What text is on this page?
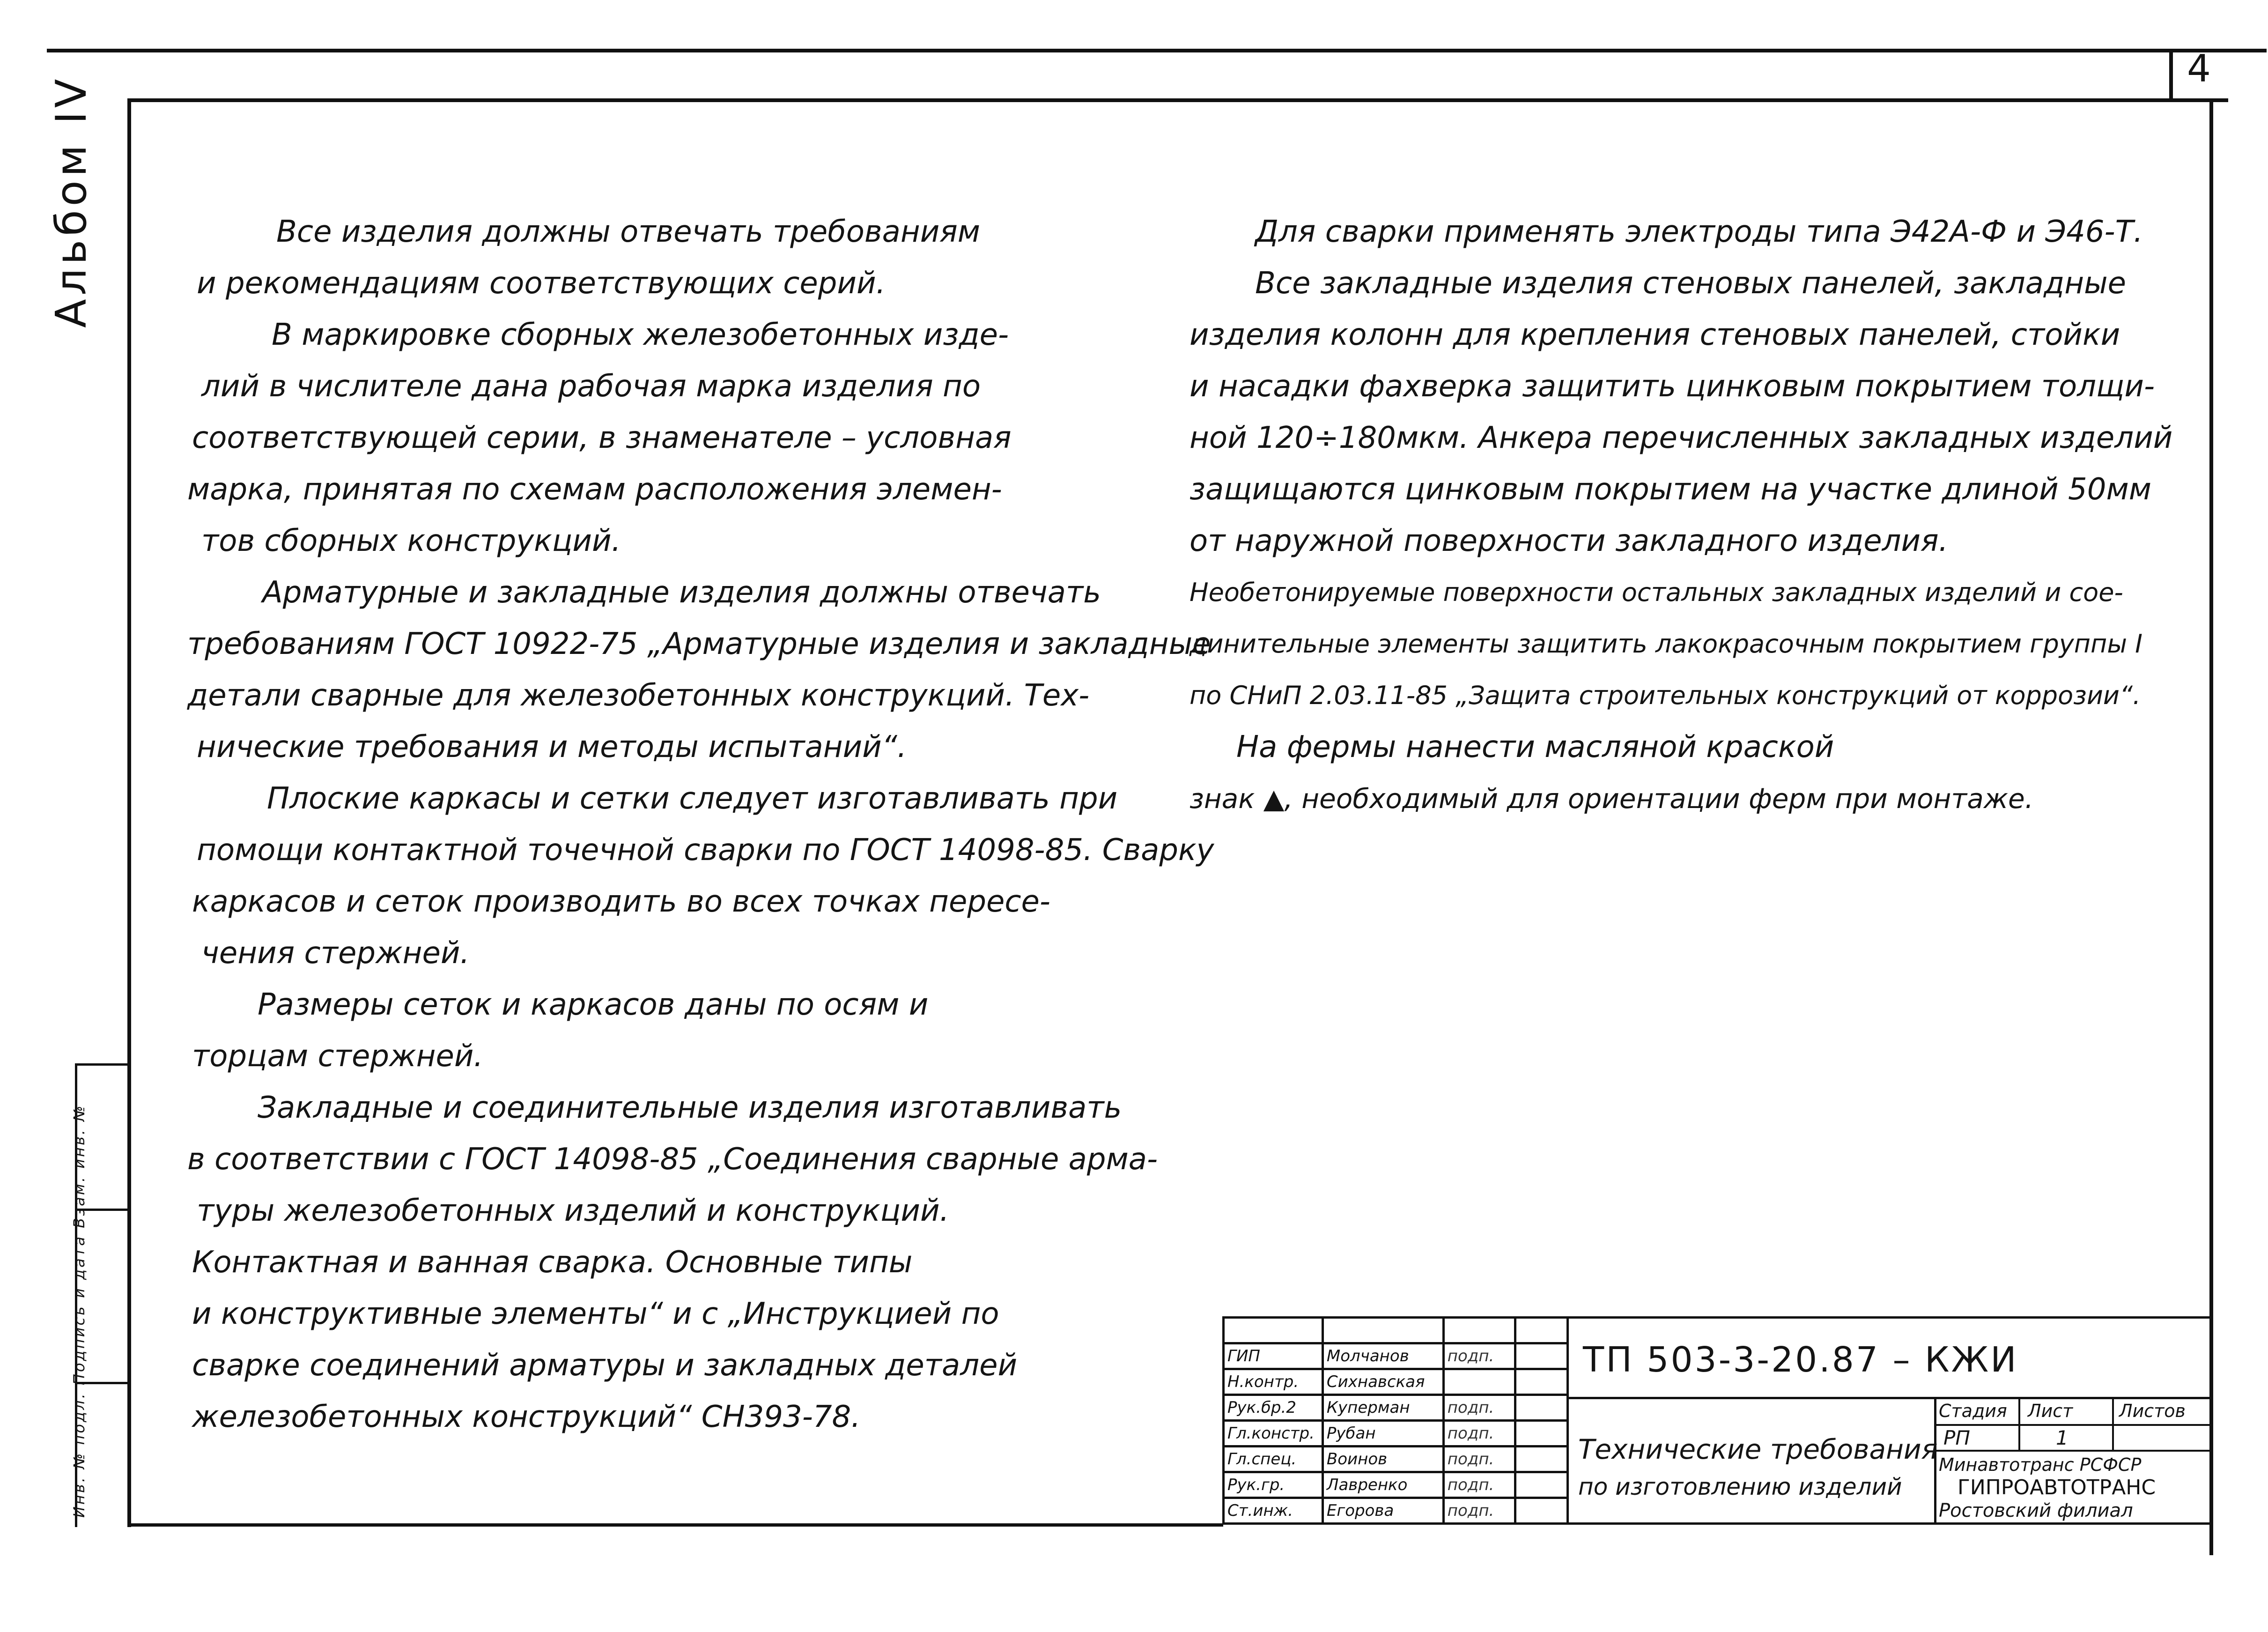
4
Альбом IV
Инв. № подл. Подпись и дата Взам. инв. №

Все изделия должны отвечать требованиям

и рекомендациям соответствующих серий.

В маркировке сборных железобетонных изде-

лий в числителе дана рабочая марка изделия по

соответствующей серии, в знаменателе – условная

марка, принятая по схемам расположения элемен-

тов сборных конструкций.

Арматурные и закладные изделия должны отвечать

требованиям ГОСТ 10922-75 „Арматурные изделия и закладные

детали сварные для железобетонных конструкций. Тех-

нические требования и методы испытаний“.

Плоские каркасы и сетки следует изготавливать при

помощи контактной точечной сварки по ГОСТ 14098-85. Сварку

каркасов и сеток производить во всех точках пересе-

чения стержней.

Размеры сеток и каркасов даны по осям и

торцам стержней.

Закладные и соединительные изделия изготавливать

в соответствии с ГОСТ 14098-85 „Соединения сварные арма-

туры железобетонных изделий и конструкций.

Контактная и ванная сварка. Основные типы

и конструктивные элементы“ и с „Инструкцией по

сварке соединений арматуры и закладных деталей

железобетонных конструкций“ СН393-78.

Для сварки применять электроды типа Э42А-Ф и Э46-Т.

Все закладные изделия стеновых панелей, закладные

изделия колонн для крепления стеновых панелей, стойки

и насадки фахверка защитить цинковым покрытием толщи-

ной 120÷180мкм. Анкера перечисленных закладных изделий

защищаются цинковым покрытием на участке длиной 50мм

от наружной поверхности закладного изделия.

Необетонируемые поверхности остальных закладных изделий и сое-

динительные элементы защитить лакокрасочным покрытием группы I

по СНиП 2.03.11-85 „Защита строительных конструкций от коррозии“.

На фермы нанести масляной краской

знак ▲, необходимый для ориентации ферм при монтаже.

ГИП	Молчанов	подп.	
Н.контр.	Сихнавская		
Рук.бр.2	Куперман	подп.	
Гл.констр.	Рубан	подп.	
Гл.спец.	Воинов	подп.	
Рук.гр.	Лавренко	подп.	
Ст.инж.	Егорова	подп.	
ТП 503-3-20.87 – КЖИ
Технические требования
по изготовлению изделий
Стадия Лист	Листов
РП	1
Минавтотранс РСФСР
ГИПРОАВТОТРАНС
Ростовский филиал
